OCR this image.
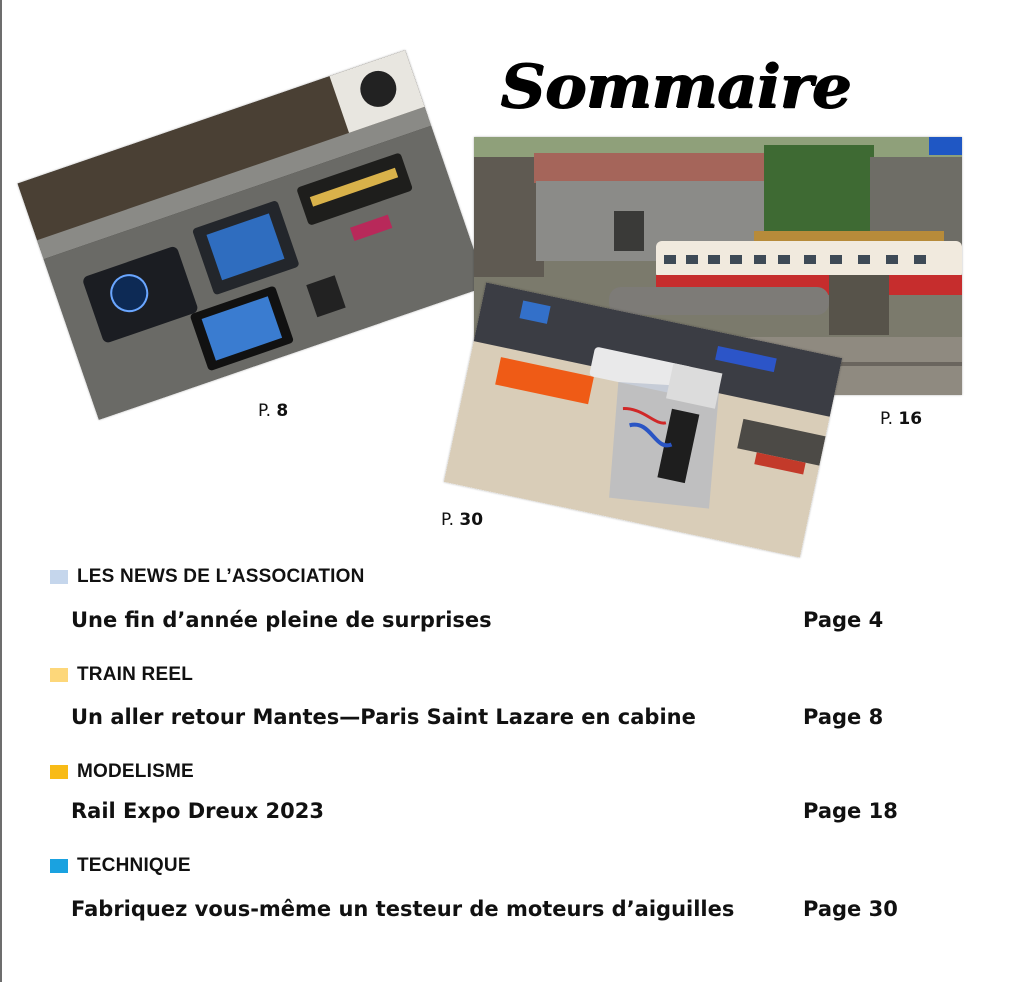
Sommaire
P. 8	P. 16
P. 30
LES NEWS DE L’ASSOCIATION
Une fin d’année pleine de surprises	Page 4
TRAIN REEL
Un aller retour Mantes—Paris Saint Lazare en cabine	Page 8
MODELISME
Rail Expo Dreux 2023	Page 18
TECHNIQUE
Fabriquez vous-même un testeur de moteurs d’aiguilles	Page 30
